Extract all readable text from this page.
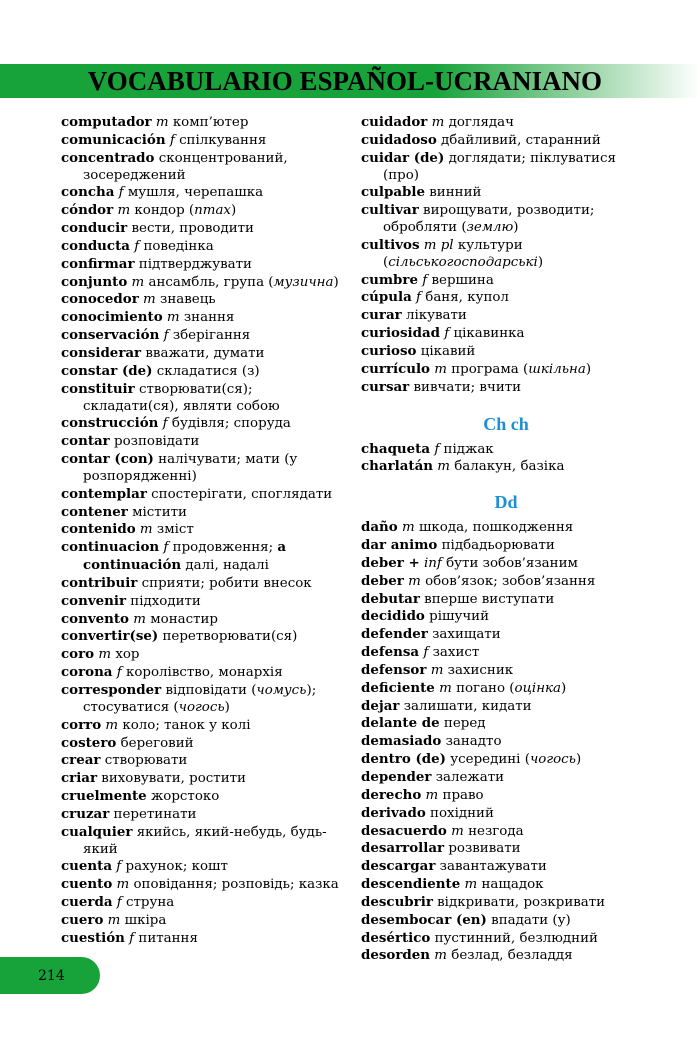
VOCABULARIO ESPAÑOL-UCRANIANO
computador m комп’ютер
comunicación f спілкування
concentrado сконцентрований, зосереджений
concha f мушля, черепашка
cóndor m кондор (птах)
conducir вести, проводити
conducta f поведінка
confirmar підтверджувати
conjunto m ансамбль, група (музична)
conocedor m знавець
conocimiento m знання
conservación f зберігання
considerar вважати, думати
constar (de) складатися (з)
constituir створювати(ся); складати(ся), являти собою
construcción f будівля; споруда
contar розповідати
contar (con) налічувати; мати (у розпорядженні)
contemplar спостерігати, споглядати
contener містити
contenido m зміст
continuacion f продовження; a continuación далі, надалі
contribuir сприяти; робити внесок
convenir підходити
convento m монастир
convertir(se) перетворювати(ся)
coro m хор
corona f королівство, монархія
corresponder відповідати (чомусь); стосуватися (чогось)
corro m коло; танок у колі
costero береговий
crear створювати
criar виховувати, ростити
cruelmente жорстоко
cruzar перетинати
cualquier якийсь, який-небудь, будь-який
cuenta f рахунок; кошт
cuento m оповідання; розповідь; казка
cuerda f струна
cuero m шкіра
cuestión f питання
cuidador m доглядач
cuidadoso дбайливий, старанний
cuidar (de) доглядати; піклуватися (про)
culpable винний
cultivar вирощувати, розводити; обробляти (землю)
cultivos m pl культури (сільськогосподарські)
cumbre f вершина
cúpula f баня, купол
curar лікувати
curiosidad f цікавинка
curioso цікавий
currículo m програма (шкільна)
cursar вивчати; вчити
Ch ch
chaqueta f піджак
charlatán m балакун, базіка
Dd
daño m шкода, пошкодження
dar animo підбадьорювати
deber + inf бути зобов’язаним
deber m обов’язок; зобов’язання
debutar вперше виступати
decidido рішучий
defender захищати
defensa f захист
defensor m захисник
deficiente m погано (оцінка)
dejar залишати, кидати
delante de перед
demasiado занадто
dentro (de) усередині (чогось)
depender залежати
derecho m право
derivado похідний
desacuerdo m незгода
desarrollar розвивати
descargar завантажувати
descendiente m нащадок
descubrir відкривати, розкривати
desembocar (en) впадати (у)
desértico пустинний, безлюдний
desorden m безлад, безладдя
214
